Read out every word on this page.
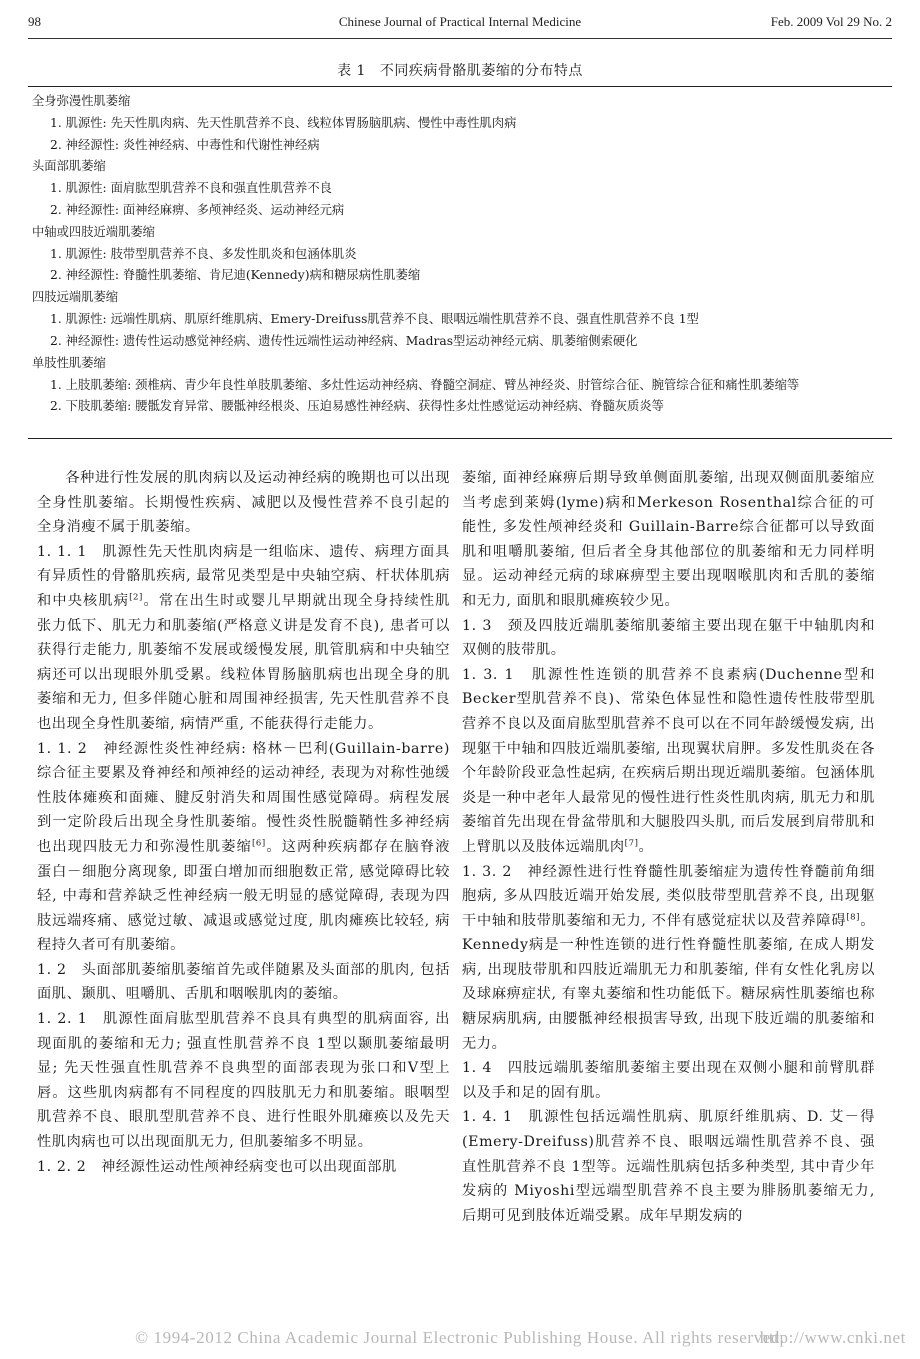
98	Chinese Journal of Practical Internal Medicine	Feb. 2009 Vol 29 No. 2
表 1 不同疾病骨骼肌萎缩的分布特点
全身弥漫性肌萎缩
1. 肌源性: 先天性肌肉病、先天性肌营养不良、线粒体胃肠脑肌病、慢性中毒性肌肉病
2. 神经源性: 炎性神经病、中毒性和代谢性神经病
头面部肌萎缩
1. 肌源性: 面肩肱型肌营养不良和强直性肌营养不良
2. 神经源性: 面神经麻痹、多颅神经炎、运动神经元病
中轴或四肢近端肌萎缩
1. 肌源性: 肢带型肌营养不良、多发性肌炎和包涵体肌炎
2. 神经源性: 脊髓性肌萎缩、肯尼迪(Kennedy)病和糖尿病性肌萎缩
四肢远端肌萎缩
1. 肌源性: 远端性肌病、肌原纤维肌病、Emery-Dreifuss肌营养不良、眼咽远端性肌营养不良、强直性肌营养不良 1型
2. 神经源性: 遗传性运动感觉神经病、遗传性远端性运动神经病、Madras型运动神经元病、肌萎缩侧索硬化
单肢性肌萎缩
1. 上肢肌萎缩: 颈椎病、青少年良性单肢肌萎缩、多灶性运动神经病、脊髓空洞症、臂丛神经炎、肘管综合征、腕管综合征和痛性肌萎缩等
2. 下肢肌萎缩: 腰骶发育异常、腰骶神经根炎、压迫易感性神经病、获得性多灶性感觉运动神经病、脊髓灰质炎等

各种进行性发展的肌肉病以及运动神经病的晚期也可以出现全身性肌萎缩。长期慢性疾病、减肥以及慢性营养不良引起的全身消瘦不属于肌萎缩。

1. 1. 1　肌源性先天性肌肉病是一组临床、遗传、病理方面具有异质性的骨骼肌疾病, 最常见类型是中央轴空病、杆状体肌病和中央核肌病[2]。常在出生时或婴儿早期就出现全身持续性肌张力低下、肌无力和肌萎缩(严格意义讲是发育不良), 患者可以获得行走能力, 肌萎缩不发展或缓慢发展, 肌管肌病和中央轴空病还可以出现眼外肌受累。线粒体胃肠脑肌病也出现全身的肌萎缩和无力, 但多伴随心脏和周围神经损害, 先天性肌营养不良也出现全身性肌萎缩, 病情严重, 不能获得行走能力。

1. 1. 2　神经源性炎性神经病: 格林－巴利(Guillain-barre)综合征主要累及脊神经和颅神经的运动神经, 表现为对称性弛缓性肢体瘫痪和面瘫、腱反射消失和周围性感觉障碍。病程发展到一定阶段后出现全身性肌萎缩。慢性炎性脱髓鞘性多神经病也出现四肢无力和弥漫性肌萎缩[6]。这两种疾病都存在脑脊液蛋白－细胞分离现象, 即蛋白增加而细胞数正常, 感觉障碍比较轻, 中毒和营养缺乏性神经病一般无明显的感觉障碍, 表现为四肢远端疼痛、感觉过敏、减退或感觉过度, 肌肉瘫痪比较轻, 病程持久者可有肌萎缩。

1. 2　头面部肌萎缩肌萎缩首先或伴随累及头面部的肌肉, 包括面肌、颞肌、咀嚼肌、舌肌和咽喉肌肉的萎缩。

1. 2. 1　肌源性面肩肱型肌营养不良具有典型的肌病面容, 出现面肌的萎缩和无力; 强直性肌营养不良 1型以颞肌萎缩最明显; 先天性强直性肌营养不良典型的面部表现为张口和V型上唇。这些肌肉病都有不同程度的四肢肌无力和肌萎缩。眼咽型肌营养不良、眼肌型肌营养不良、进行性眼外肌瘫痪以及先天性肌肉病也可以出现面肌无力, 但肌萎缩多不明显。

1. 2. 2　神经源性运动性颅神经病变也可以出现面部肌

萎缩, 面神经麻痹后期导致单侧面肌萎缩, 出现双侧面肌萎缩应当考虑到莱姆(lyme)病和Merkeson Rosenthal综合征的可能性, 多发性颅神经炎和 Guillain-Barre综合征都可以导致面肌和咀嚼肌萎缩, 但后者全身其他部位的肌萎缩和无力同样明显。运动神经元病的球麻痹型主要出现咽喉肌肉和舌肌的萎缩和无力, 面肌和眼肌瘫痪较少见。

1. 3　颈及四肢近端肌萎缩肌萎缩主要出现在躯干中轴肌肉和双侧的肢带肌。

1. 3. 1　肌源性性连锁的肌营养不良素病(Duchenne型和 Becker型肌营养不良)、常染色体显性和隐性遗传性肢带型肌营养不良以及面肩肱型肌营养不良可以在不同年龄缓慢发病, 出现躯干中轴和四肢近端肌萎缩, 出现翼状肩胛。多发性肌炎在各个年龄阶段亚急性起病, 在疾病后期出现近端肌萎缩。包涵体肌炎是一种中老年人最常见的慢性进行性炎性肌肉病, 肌无力和肌萎缩首先出现在骨盆带肌和大腿股四头肌, 而后发展到肩带肌和上臂肌以及肢体远端肌肉[7]。

1. 3. 2　神经源性进行性脊髓性肌萎缩症为遗传性脊髓前角细胞病, 多从四肢近端开始发展, 类似肢带型肌营养不良, 出现躯干中轴和肢带肌萎缩和无力, 不伴有感觉症状以及营养障碍[8]。Kennedy病是一种性连锁的进行性脊髓性肌萎缩, 在成人期发病, 出现肢带肌和四肢近端肌无力和肌萎缩, 伴有女性化乳房以及球麻痹症状, 有睾丸萎缩和性功能低下。糖尿病性肌萎缩也称糖尿病肌病, 由腰骶神经根损害导致, 出现下肢近端的肌萎缩和无力。

1. 4　四肢远端肌萎缩肌萎缩主要出现在双侧小腿和前臂肌群以及手和足的固有肌。

1. 4. 1　肌源性包括远端性肌病、肌原纤维肌病、D. 艾－得(Emery-Dreifuss)肌营养不良、眼咽远端性肌营养不良、强直性肌营养不良 1型等。远端性肌病包括多种类型, 其中青少年发病的 Miyoshi型远端型肌营养不良主要为腓肠肌萎缩无力, 后期可见到肢体近端受累。成年早期发病的

© 1994-2012 China Academic Journal Electronic Publishing House. All rights reserved.
http://www.cnki.net
